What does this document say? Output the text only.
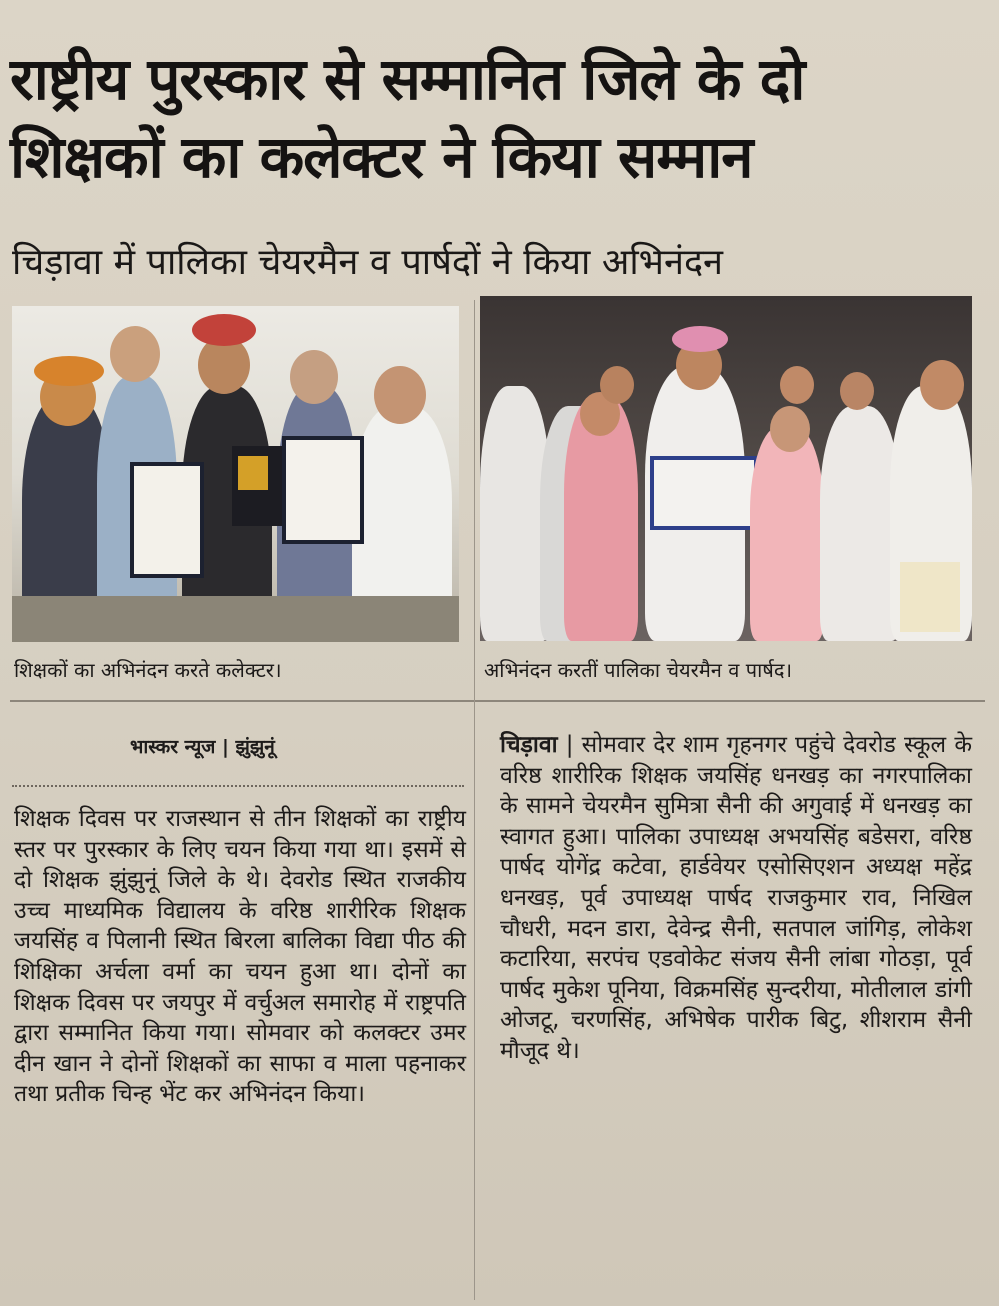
राष्ट्रीय पुरस्कार से सम्मानित जिले के दो
शिक्षकों का कलेक्टर ने किया सम्मान

चिड़ावा में पालिका चेयरमैन व पार्षदों ने किया अभिनंदन

शिक्षकों का अभिनंदन करते कलेक्टर।	अभिनंदन करतीं पालिका चेयरमैन व पार्षद।

भास्कर न्यूज | झुंझुनूं

शिक्षक दिवस पर राजस्थान से तीन शिक्षकों का राष्ट्रीय स्तर पर पुरस्कार के लिए चयन किया गया था। इसमें से दो शिक्षक झुंझुनूं जिले के थे। देवरोड स्थित राजकीय उच्च माध्यमिक विद्यालय के वरिष्ठ शारीरिक शिक्षक जयसिंह व पिलानी स्थित बिरला बालिका विद्या पीठ की शिक्षिका अर्चला वर्मा का चयन हुआ था। दोनों का शिक्षक दिवस पर जयपुर में वर्चुअल समारोह में राष्ट्रपति द्वारा सम्मानित किया गया। सोमवार को कलक्टर उमर दीन खान ने दोनों शिक्षकों का साफा व माला पहनाकर तथा प्रतीक चिन्ह भेंट कर अभिनंदन किया।

चिड़ावा | सोमवार देर शाम गृहनगर पहुंचे देवरोड स्कूल के वरिष्ठ शारीरिक शिक्षक जयसिंह धनखड़ का नगरपालिका के सामने चेयरमैन सुमित्रा सैनी की अगुवाई में धनखड़ का स्वागत हुआ। पालिका उपाध्यक्ष अभयसिंह बडेसरा, वरिष्ठ पार्षद योगेंद्र कटेवा, हार्डवेयर एसोसिएशन अध्यक्ष महेंद्र धनखड़, पूर्व उपाध्यक्ष पार्षद राजकुमार राव, निखिल चौधरी, मदन डारा, देवेन्द्र सैनी, सतपाल जांगिड़, लोकेश कटारिया, सरपंच एडवोकेट संजय सैनी लांबा गोठड़ा, पूर्व पार्षद मुकेश पूनिया, विक्रमसिंह सुन्दरीया, मोतीलाल डांगी ओजटू, चरणसिंह, अभिषेक पारीक बिटु, शीशराम सैनी मौजूद थे।
